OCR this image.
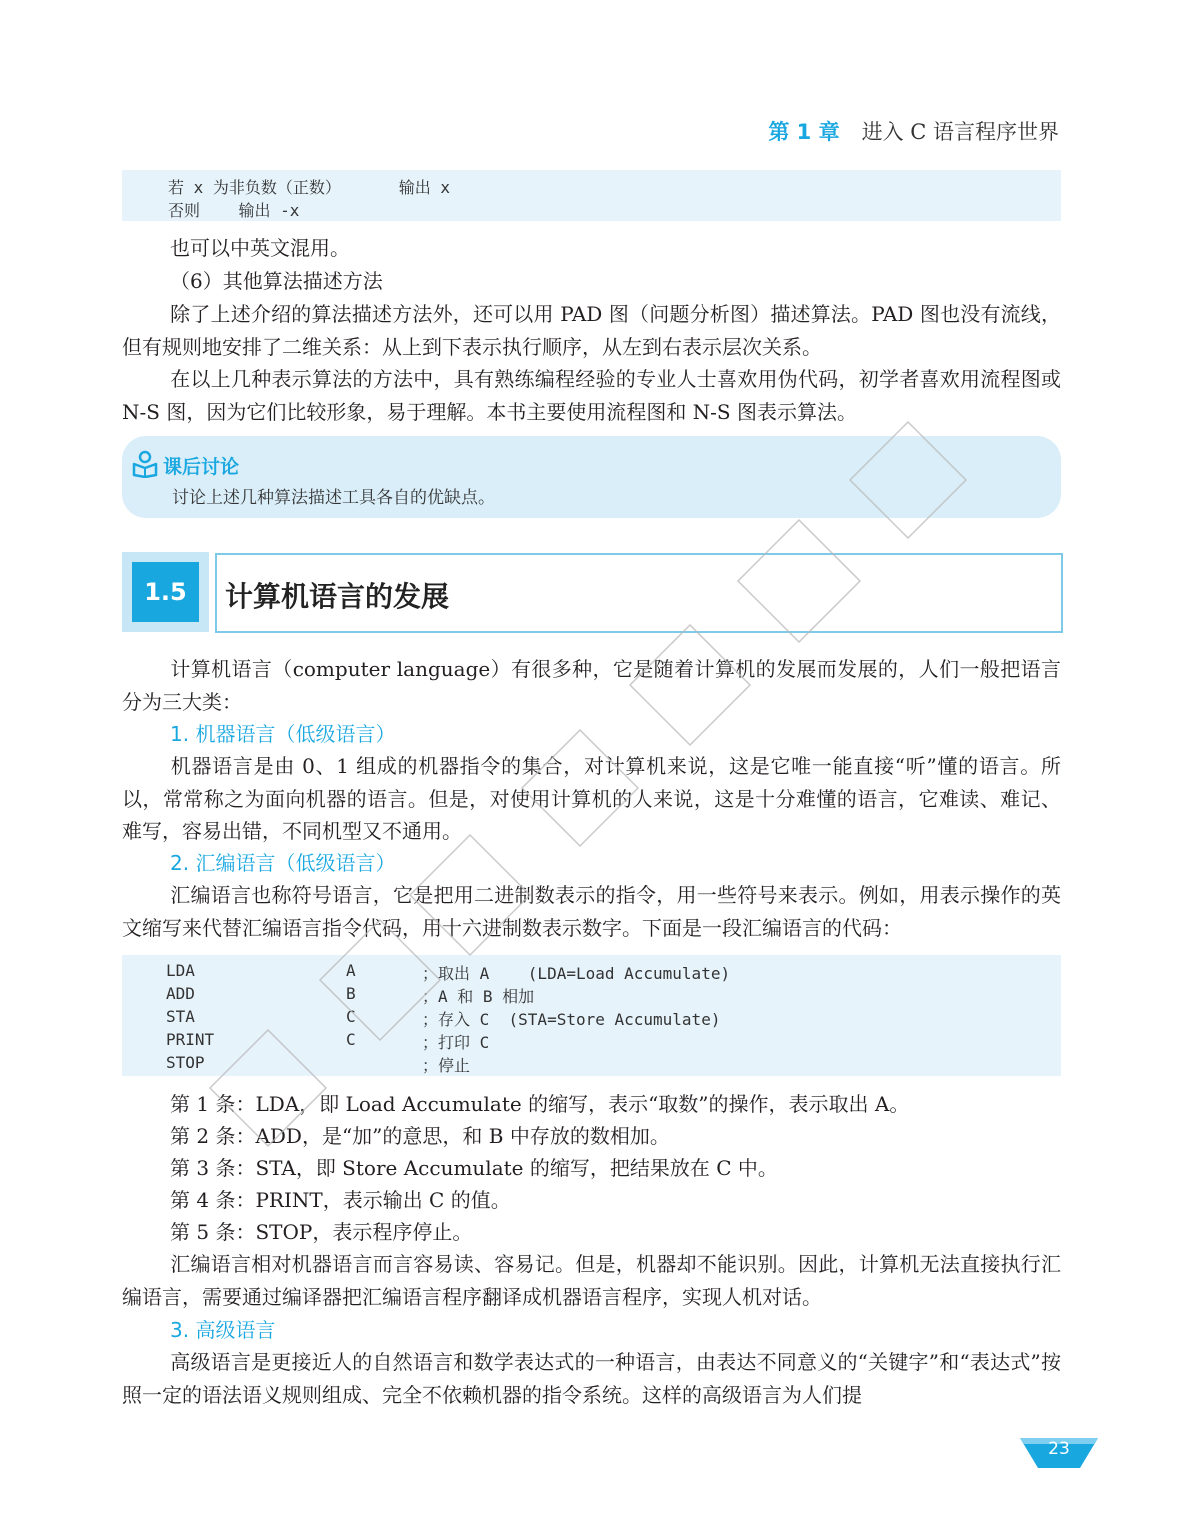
第 1 章 进入 C 语言程序世界
若 x 为非负数（正数）      输出 x
否则    输出 -x
也可以中英文混用。
（6）其他算法描述方法

除了上述介绍的算法描述方法外，还可以用 PAD 图（问题分析图）描述算法。PAD 图也没有流线，但有规则地安排了二维关系：从上到下表示执行顺序，从左到右表示层次关系。

在以上几种表示算法的方法中，具有熟练编程经验的专业人士喜欢用伪代码，初学者喜欢用流程图或 N-S 图，因为它们比较形象，易于理解。本书主要使用流程图和 N-S 图表示算法。

课后讨论
讨论上述几种算法描述工具各自的优缺点。
1.5	计算机语言的发展

计算机语言（computer language）有很多种，它是随着计算机的发展而发展的，人们一般把语言分为三大类：

1. 机器语言（低级语言）

机器语言是由 0、1 组成的机器指令的集合，对计算机来说，这是它唯一能直接“听”懂的语言。所以，常常称之为面向机器的语言。但是，对使用计算机的人来说，这是十分难懂的语言，它难读、难记、难写，容易出错，不同机型又不通用。

2. 汇编语言（低级语言）

汇编语言也称符号语言，它是把用二进制数表示的指令，用一些符号来表示。例如，用表示操作的英文缩写来代替汇编语言指令代码，用十六进制数表示数字。下面是一段汇编语言的代码：

LDA	A	；取出 A    (LDA=Load Accumulate)
ADD	B	；A 和 B 相加
STA	C	；存入 C  (STA=Store Accumulate)
PRINT	C	；打印 C
STOP	；停止
第 1 条：LDA，即 Load Accumulate 的缩写，表示“取数”的操作，表示取出 A。
第 2 条：ADD，是“加”的意思，和 B 中存放的数相加。
第 3 条：STA，即 Store Accumulate 的缩写，把结果放在 C 中。
第 4 条：PRINT，表示输出 C 的值。
第 5 条：STOP，表示程序停止。

汇编语言相对机器语言而言容易读、容易记。但是，机器却不能识别。因此，计算机无法直接执行汇编语言，需要通过编译器把汇编语言程序翻译成机器语言程序，实现人机对话。

3. 高级语言

高级语言是更接近人的自然语言和数学表达式的一种语言，由表达不同意义的“关键字”和“表达式”按照一定的语法语义规则组成、完全不依赖机器的指令系统。这样的高级语言为人们提

23
